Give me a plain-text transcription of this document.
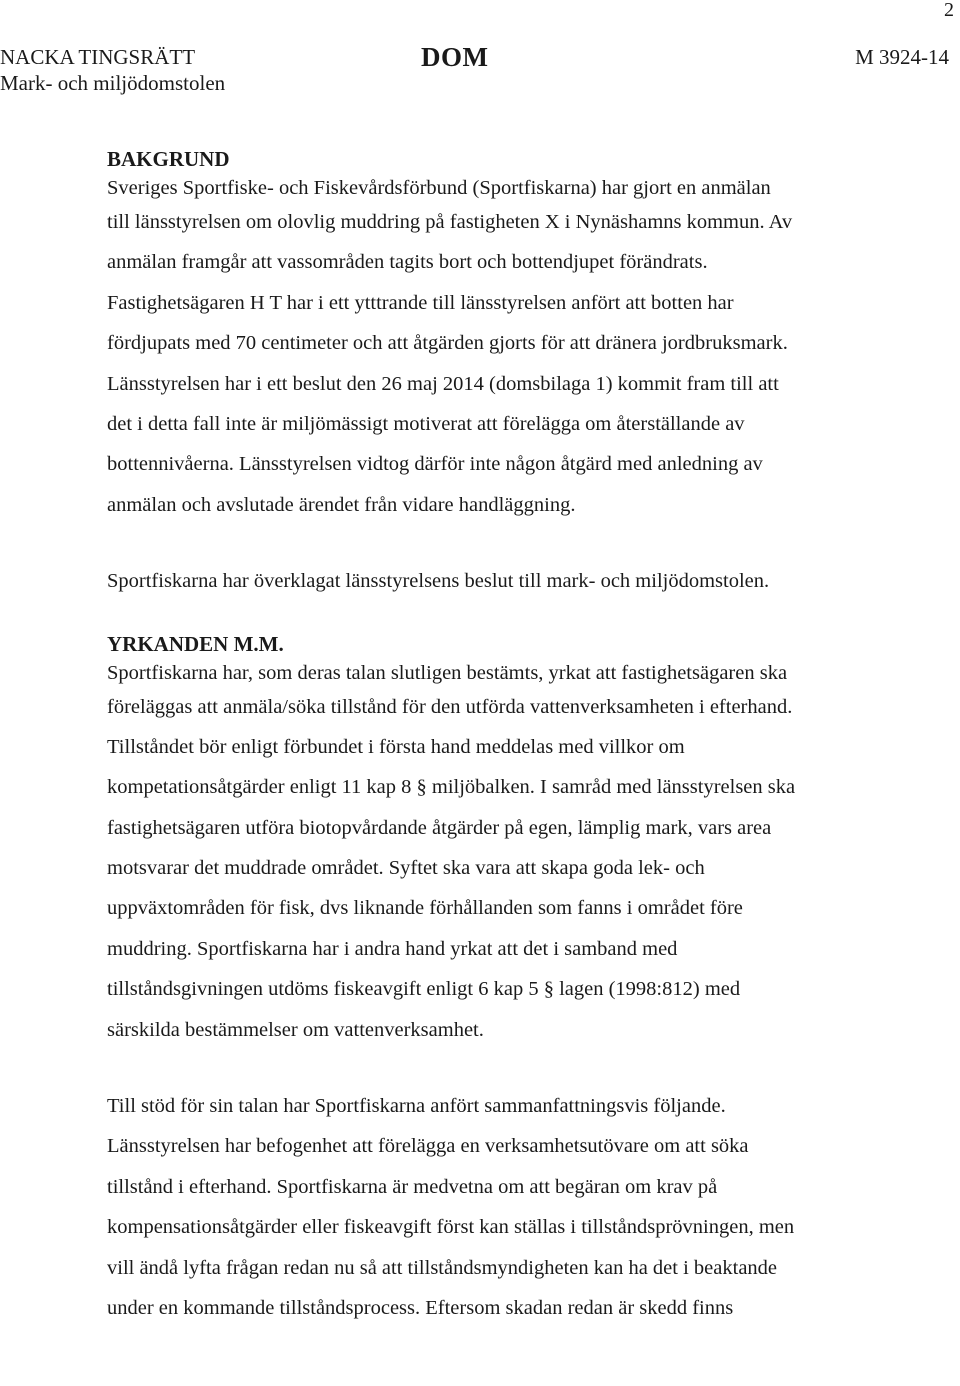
2
NACKA TINGSRÄTT
Mark- och miljödomstolen
DOM	M 3924-14
BAKGRUND
Sveriges Sportfiske- och Fiskevårdsförbund (Sportfiskarna) har gjort en anmälan
till länsstyrelsen om olovlig muddring på fastigheten X i Nynäshamns kommun. Av
anmälan framgår att vassområden tagits bort och bottendjupet förändrats.
Fastighetsägaren H T har i ett ytttrande till länsstyrelsen anfört att botten har
fördjupats med 70 centimeter och att åtgärden gjorts för att dränera jordbruksmark.
Länsstyrelsen har i ett beslut den 26 maj 2014 (domsbilaga 1) kommit fram till att
det i detta fall inte är miljömässigt motiverat att förelägga om återställande av
bottennivåerna. Länsstyrelsen vidtog därför inte någon åtgärd med anledning av
anmälan och avslutade ärendet från vidare handläggning.
Sportfiskarna har överklagat länsstyrelsens beslut till mark- och miljödomstolen.
YRKANDEN M.M.
Sportfiskarna har, som deras talan slutligen bestämts, yrkat att fastighetsägaren ska
föreläggas att anmäla/söka tillstånd för den utförda vattenverksamheten i efterhand.
Tillståndet bör enligt förbundet i första hand meddelas med villkor om
kompetationsåtgärder enligt 11 kap 8 § miljöbalken. I samråd med länsstyrelsen ska
fastighetsägaren utföra biotopvårdande åtgärder på egen, lämplig mark, vars area
motsvarar det muddrade området. Syftet ska vara att skapa goda lek- och
uppväxtområden för fisk, dvs liknande förhållanden som fanns i området före
muddring. Sportfiskarna har i andra hand yrkat att det i samband med
tillståndsgivningen utdöms fiskeavgift enligt 6 kap 5 § lagen (1998:812) med
särskilda bestämmelser om vattenverksamhet.
Till stöd för sin talan har Sportfiskarna anfört sammanfattningsvis följande.
Länsstyrelsen har befogenhet att förelägga en verksamhetsutövare om att söka
tillstånd i efterhand. Sportfiskarna är medvetna om att begäran om krav på
kompensationsåtgärder eller fiskeavgift först kan ställas i tillståndsprövningen, men
vill ändå lyfta frågan redan nu så att tillståndsmyndigheten kan ha det i beaktande
under en kommande tillståndsprocess. Eftersom skadan redan är skedd finns
